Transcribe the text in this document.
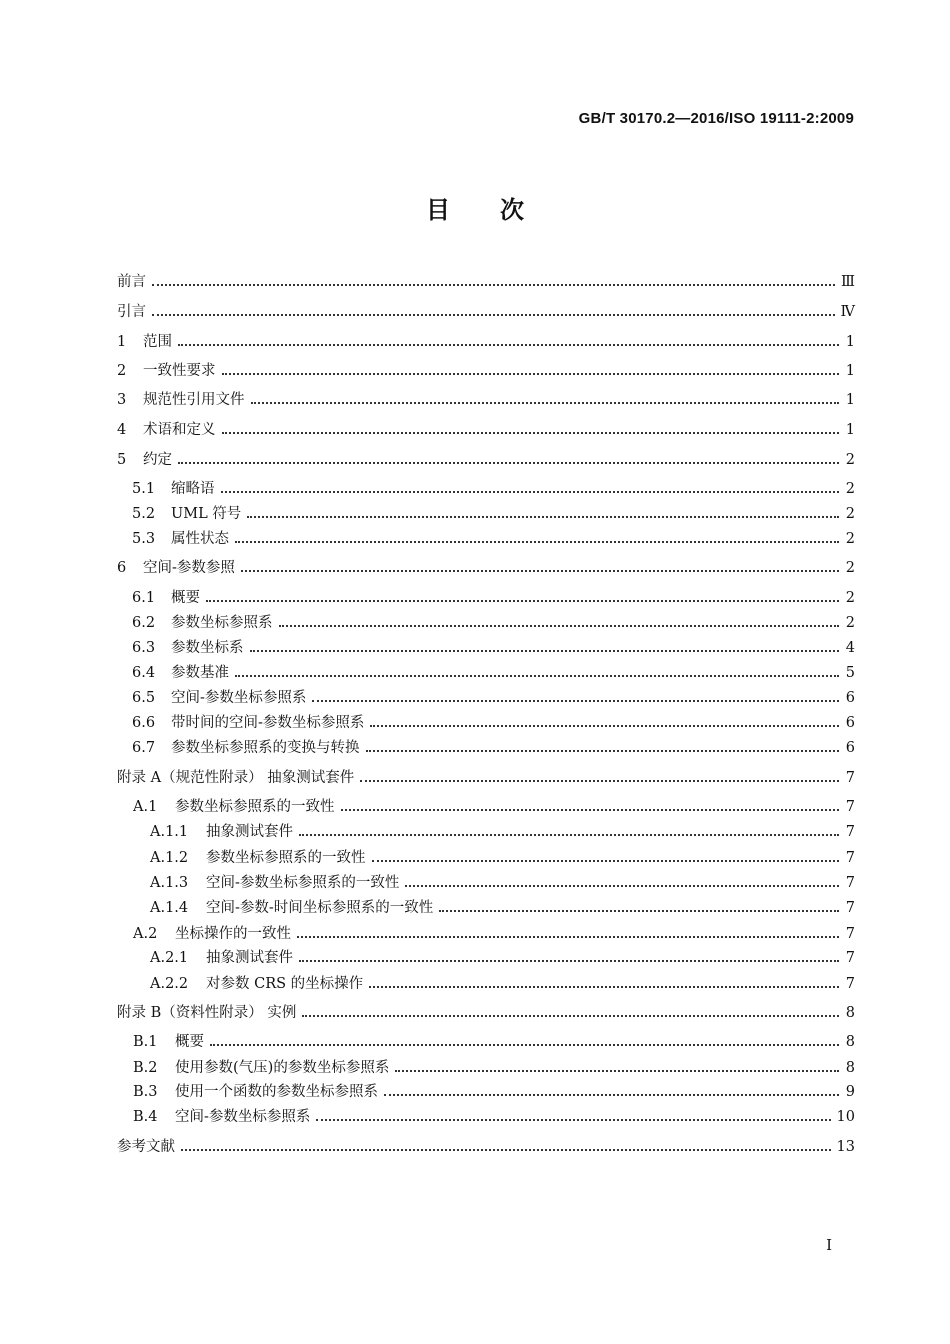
GB/T 30170.2—2016/ISO 19111-2:2009
目次
前言	Ⅲ
引言	Ⅳ
1 范围	1
2 一致性要求	1
3 规范性引用文件	1
4 术语和定义	1
5 约定	2
5.1 缩略语	2
5.2 UML 符号	2
5.3 属性状态	2
6 空间-参数参照	2
6.1 概要	2
6.2 参数坐标参照系	2
6.3 参数坐标系	4
6.4 参数基准	5
6.5 空间-参数坐标参照系	6
6.6 带时间的空间-参数坐标参照系	6
6.7 参数坐标参照系的变换与转换	6
附录 A（规范性附录） 抽象测试套件	7
A.1 参数坐标参照系的一致性	7
A.1.1 抽象测试套件	7
A.1.2 参数坐标参照系的一致性	7
A.1.3 空间-参数坐标参照系的一致性	7
A.1.4 空间-参数-时间坐标参照系的一致性	7
A.2 坐标操作的一致性	7
A.2.1 抽象测试套件	7
A.2.2 对参数 CRS 的坐标操作	7
附录 B（资料性附录） 实例	8
B.1 概要	8
B.2 使用参数(气压)的参数坐标参照系	8
B.3 使用一个函数的参数坐标参照系	9
B.4 空间-参数坐标参照系	10
参考文献	13
I
